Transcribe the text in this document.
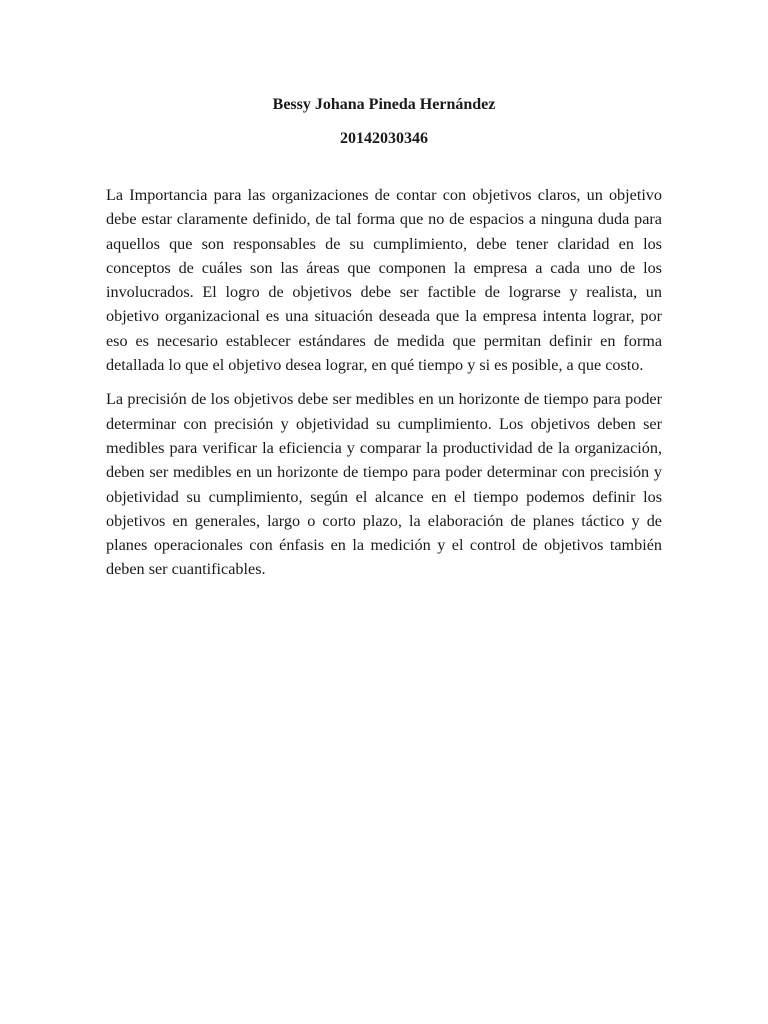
Bessy Johana Pineda Hernández

20142030346

La Importancia para las organizaciones de contar con objetivos claros, un objetivo debe estar claramente definido, de tal forma que no de espacios a ninguna duda para aquellos que son responsables de su cumplimiento, debe tener claridad en los conceptos de cuáles son las áreas que componen la empresa a cada uno de los involucrados. El logro de objetivos debe ser factible de lograrse y realista, un objetivo organizacional es una situación deseada que la empresa intenta lograr, por eso es necesario establecer estándares de medida que permitan definir en forma detallada lo que el objetivo desea lograr, en qué tiempo y si es posible, a que costo.

La precisión de los objetivos debe ser medibles en un horizonte de tiempo para poder determinar con precisión y objetividad su cumplimiento. Los objetivos deben ser medibles para verificar la eficiencia y comparar la productividad de la organización, deben ser medibles en un horizonte de tiempo para poder determinar con precisión y objetividad su cumplimiento, según el alcance en el tiempo podemos definir los objetivos en generales, largo o corto plazo, la elaboración de planes táctico y de planes operacionales con énfasis en la medición y el control de objetivos también deben ser cuantificables.
